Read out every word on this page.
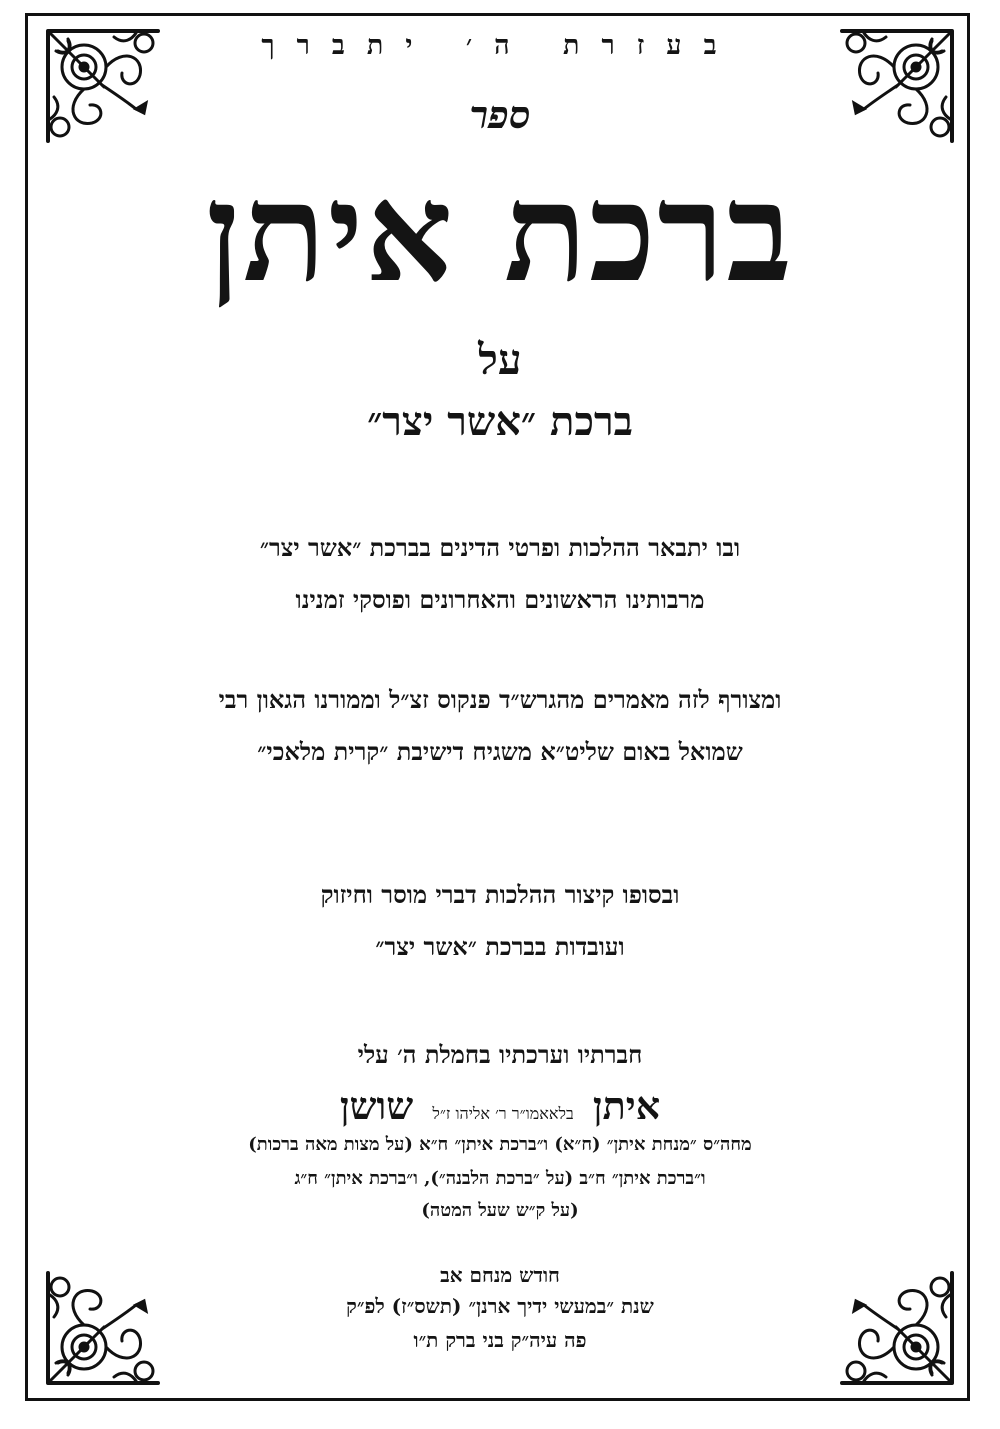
בעזרת ה׳ יתברך
ספר
ברכת איתן
על
ברכת ״אשר יצר״
ובו יתבאר ההלכות ופרטי הדינים בברכת ״אשר יצר״
מרבותינו הראשונים והאחרונים ופוסקי זמנינו
ומצורף לזה מאמרים מהגרש״ד פנקוס זצ״ל וממורנו הגאון רבי
שמואל באום שליט״א משגיח דישיבת ״קרית מלאכי״
ובסופו קיצור ההלכות דברי מוסר וחיזוק
ועובדות בברכת ״אשר יצר״
חברתיו וערכתיו בחמלת ה׳ עלי
איתן בלאאמו״ר ר׳ אליהו ז״ל שושן
מחה״ס ״מנחת איתן״ (ח״א) ו״ברכת איתן״ ח״א (על מצות מאה ברכות)
ו״ברכת איתן״ ח״ב (על ״ברכת הלבנה״), ו״ברכת איתן״ ח״ג
(על ק״ש שעל המטה)
חודש מנחם אב
שנת ״במעשי ידיך ארנן״ (תשס״ז) לפ״ק
פה עיה״ק בני ברק ת״ו
